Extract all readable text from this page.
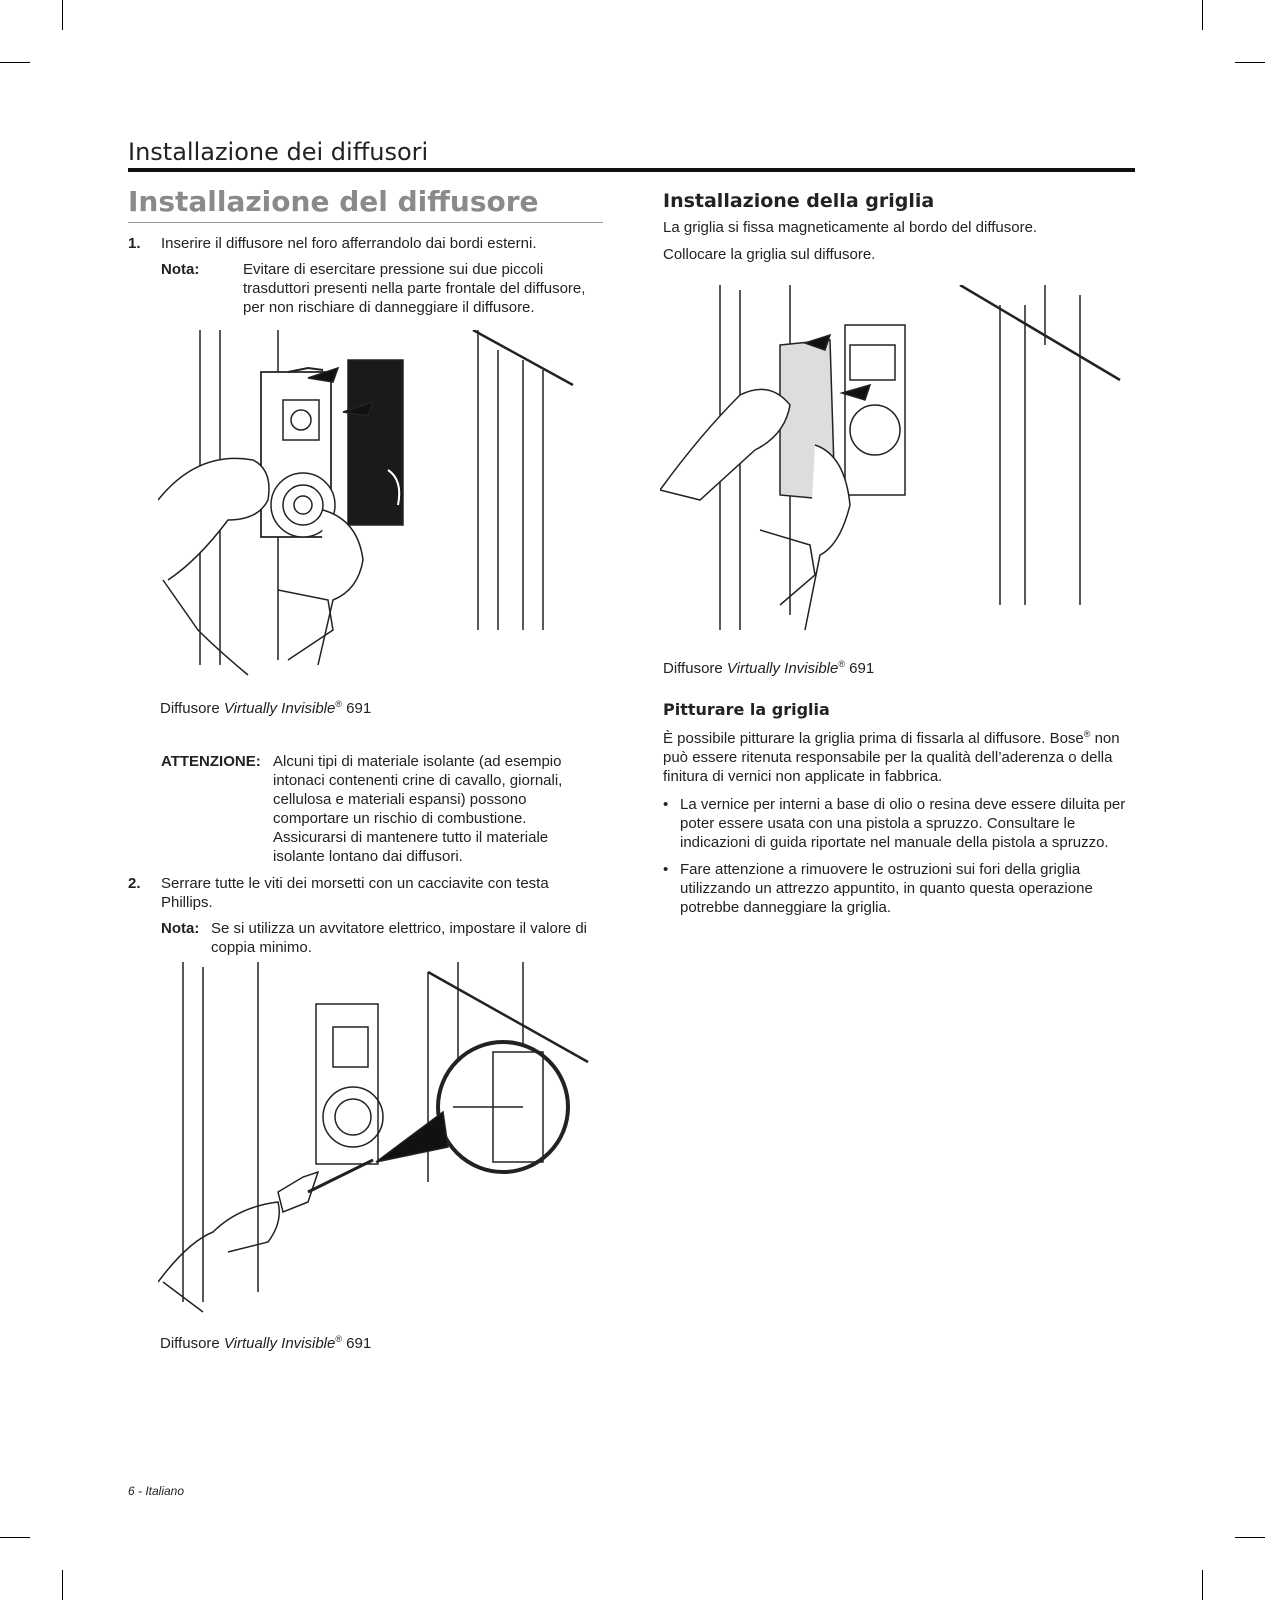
Installazione dei diffusori
Installazione del diffusore
1. Inserire il diffusore nel foro afferrandolo dai bordi esterni.
Nota:	Evitare di esercitare pressione sui due piccoli trasduttori presenti nella parte frontale del diffusore, per non rischiare di danneggiare il diffusore.
Diffusore Virtually Invisible® 691
ATTENZIONE: Alcuni tipi di materiale isolante (ad esempio intonaci contenenti crine di cavallo, giornali, cellulosa e materiali espansi) possono comportare un rischio di combustione. Assicurarsi di mantenere tutto il materiale isolante lontano dai diffusori.
2. Serrare tutte le viti dei morsetti con un cacciavite con testa Phillips.
Nota: Se si utilizza un avvitatore elettrico, impostare il valore di coppia minimo.
Diffusore Virtually Invisible® 691
Installazione della griglia

La griglia si fissa magneticamente al bordo del diffusore.

Collocare la griglia sul diffusore.

Diffusore Virtually Invisible® 691
Pitturare la griglia

È possibile pitturare la griglia prima di fissarla al diffusore. Bose® non può essere ritenuta responsabile per la qualità dell’aderenza o della finitura di vernici non applicate in fabbrica.

• La vernice per interni a base di olio o resina deve essere diluita per poter essere usata con una pistola a spruzzo. Consultare le indicazioni di guida riportate nel manuale della pistola a spruzzo.
• Fare attenzione a rimuovere le ostruzioni sui fori della griglia utilizzando un attrezzo appuntito, in quanto questa operazione potrebbe danneggiare la griglia.
6 - Italiano
